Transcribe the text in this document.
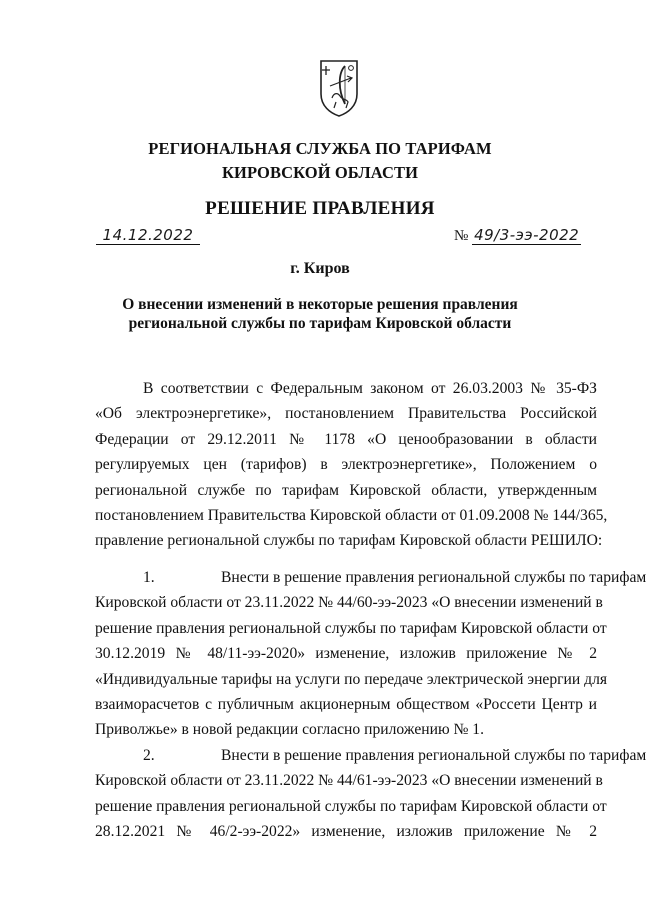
РЕГИОНАЛЬНАЯ СЛУЖБА ПО ТАРИФАМ
КИРОВСКОЙ ОБЛАСТИ
РЕШЕНИЕ ПРАВЛЕНИЯ
14.12.2022	№ 49/3-ээ-2022
г. Киров
О внесении изменений в некоторые решения правления
региональной службы по тарифам Кировской области
В соответствии с Федеральным законом от 26.03.2003 № 35-ФЗ
«Об электроэнергетике», постановлением Правительства Российской
Федерации от 29.12.2011 № 1178 «О ценообразовании в области
регулируемых цен (тарифов) в электроэнергетике», Положением о
региональной службе по тарифам Кировской области, утвержденным
постановлением Правительства Кировской области от 01.09.2008 № 144/365,
правление региональной службы по тарифам Кировской области РЕШИЛО:
1.	Внести в решение правления региональной службы по тарифам
Кировской области от 23.11.2022 № 44/60-ээ-2023 «О внесении изменений в
решение правления региональной службы по тарифам Кировской области от
30.12.2019 № 48/11-ээ-2020» изменение, изложив приложение № 2
«Индивидуальные тарифы на услуги по передаче электрической энергии для
взаиморасчетов с публичным акционерным обществом «Россети Центр и
Приволжье» в новой редакции согласно приложению № 1.
2.	Внести в решение правления региональной службы по тарифам
Кировской области от 23.11.2022 № 44/61-ээ-2023 «О внесении изменений в
решение правления региональной службы по тарифам Кировской области от
28.12.2021 № 46/2-ээ-2022» изменение, изложив приложение № 2
